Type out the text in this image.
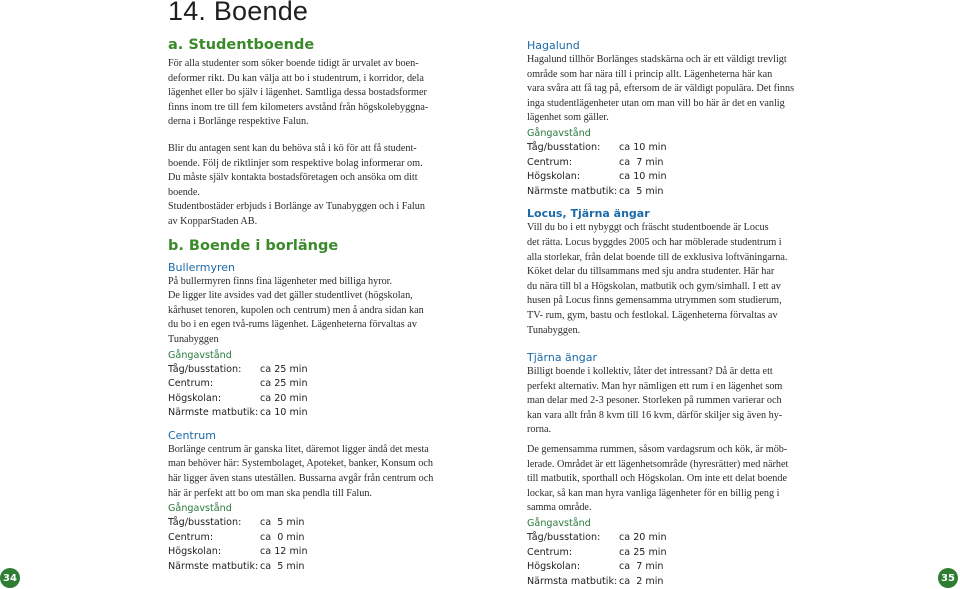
14. Boende
a. Studentboende
För alla studenter som söker boende tidigt är urvalet av boen-
deformer rikt. Du kan välja att bo i studentrum, i korridor, dela
lägenhet eller bo själv i lägenhet. Samtliga dessa bostadsformer
finns inom tre till fem kilometers avstånd från högskolebyggna-
derna i Borlänge respektive Falun.
Blir du antagen sent kan du behöva stå i kö för att få student-
boende. Följ de riktlinjer som respektive bolag informerar om.
Du måste själv kontakta bostadsföretagen och ansöka om ditt
boende.
Studentbostäder erbjuds i Borlänge av Tunabyggen och i Falun
av KopparStaden AB.
b. Boende i borlänge
Bullermyren
På bullermyren finns fina lägenheter med billiga hyror.
De ligger lite avsides vad det gäller studentlivet (högskolan,
kårhuset tenoren, kupolen och centrum) men å andra sidan kan
du bo i en egen två-rums lägenhet. Lägenheterna förvaltas av
Tunabyggen
Gångavstånd
Tåg/busstation:	ca 25 min
Centrum:	ca 25 min
Högskolan:	ca 20 min
Närmste matbutik: ca 10 min
Centrum
Borlänge centrum är ganska litet, däremot ligger ändå det mesta
man behöver här: Systembolaget, Apoteket, banker, Konsum och
här ligger även stans uteställen. Bussarna avgår från centrum och
här är perfekt att bo om man ska pendla till Falun.
Gångavstånd
Tåg/busstation:	ca  5 min
Centrum:	ca  0 min
Högskolan:	ca 12 min
Närmste matbutik: ca  5 min
Hagalund
Hagalund tillhör Borlänges stadskärna och är ett väldigt trevligt
område som har nära till i princip allt. Lägenheterna här kan
vara svåra att få tag på, eftersom de är väldigt populära. Det finns
inga studentlägenheter utan om man vill bo här är det en vanlig
lägenhet som gäller.
Gångavstånd
Tåg/busstation:	ca 10 min
Centrum:	ca  7 min
Högskolan:	ca 10 min
Närmste matbutik: ca  5 min
Locus, Tjärna ängar
Vill du bo i ett nybyggt och fräscht studentboende är Locus
det rätta. Locus byggdes 2005 och har möblerade studentrum i
alla storlekar, från delat boende till de exklusiva loftväningarna.
Köket delar du tillsammans med sju andra studenter. Här har
du nära till bl a Högskolan, matbutik och gym/simhall. I ett av
husen på Locus finns gemensamma utrymmen som studierum,
TV- rum, gym, bastu och festlokal. Lägenheterna förvaltas av
Tunabyggen.
Tjärna ängar
Billigt boende i kollektiv, låter det intressant? Då är detta ett
perfekt alternativ. Man hyr nämligen ett rum i en lägenhet som
man delar med 2-3 pesoner. Storleken på rummen varierar och
kan vara allt från 8 kvm till 16 kvm, därför skiljer sig även hy-
rorna.
De gemensamma rummen, såsom vardagsrum och kök, är möb-
lerade. Området är ett lägenhetsområde (hyresrätter) med närhet
till matbutik, sporthall och Högskolan. Om inte ett delat boende
lockar, så kan man hyra vanliga lägenheter för en billig peng i
samma område.
Gångavstånd
Tåg/busstation:	ca 20 min
Centrum:	ca 25 min
Högskolan:	ca  7 min
Närmsta matbutik: ca  2 min
34	35
